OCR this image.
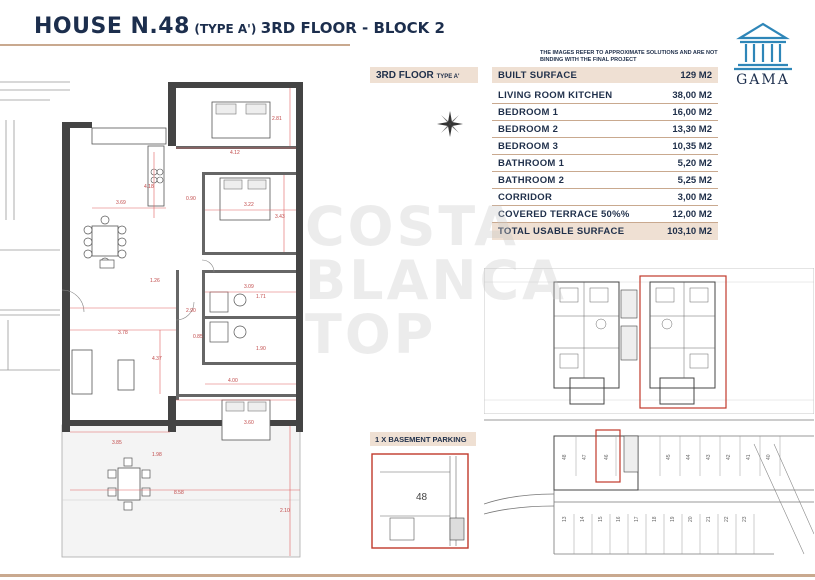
HOUSE N.48 (TYPE A') 3RD FLOOR - BLOCK 2
THE IMAGES REFER TO APPROXIMATE SOLUTIONS AND ARE NOT BINDING WITH THE FINAL PROJECT
GAMA
3RD FLOOR TYPE A'	BUILT SURFACE	129 M2
LIVING ROOM KITCHEN	38,00 M2
BEDROOM 1	16,00 M2
BEDROOM 2	13,30 M2
BEDROOM 3	10,35 M2
BATHROOM 1	5,20 M2
BATHROOM 2	5,25 M2
CORRIDOR	3,00 M2
COVERED TERRACE 50%%	12,00 M2
TOTAL USABLE SURFACE	103,10 M2
4.12
2.81
4.18
3.69	3.22
3.43
0.90
1.26
3.09
1.71
2.90
3.78
0.85
1.90
4.37
4.00
3.60
3.85
1.98
8.58
2.10
48	47	46	45	44	43	42	41	40
13 14 15 16 17 18 19 20 21 22 23
1 X BASEMENT PARKING
48
COSTA
BLANCA
TOP
